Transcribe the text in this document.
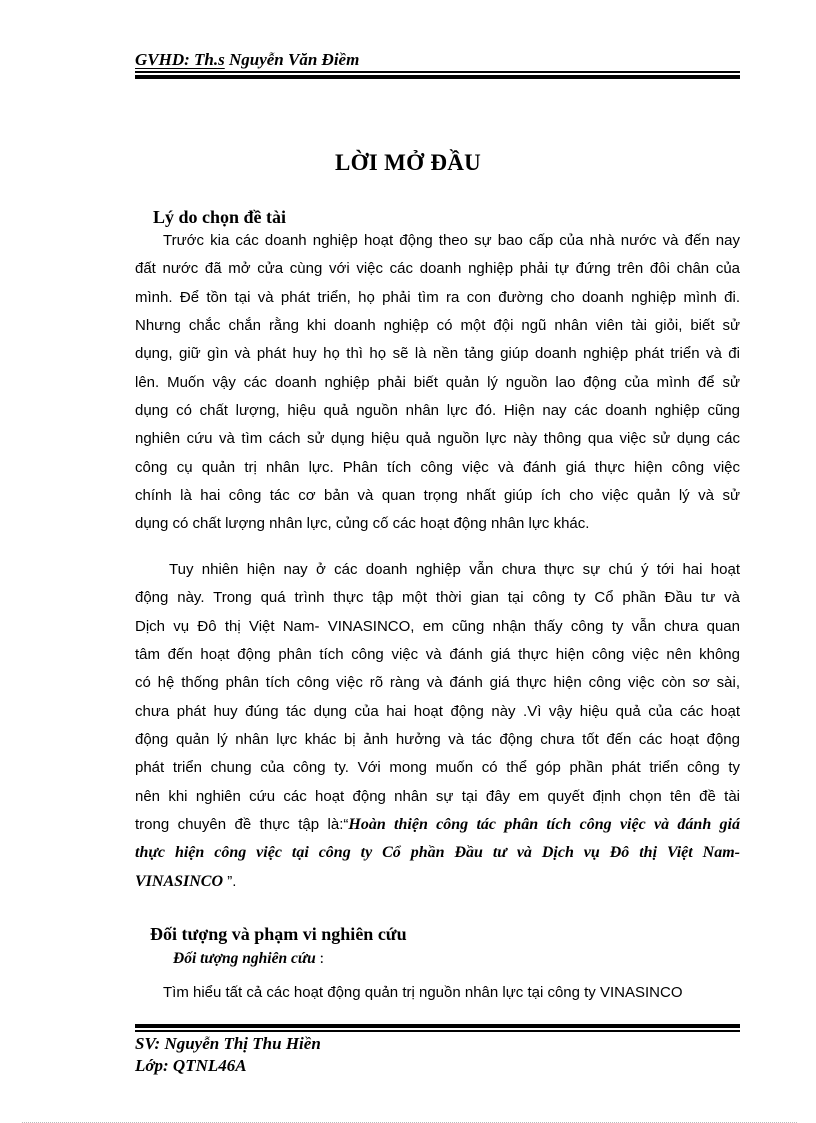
GVHD: Th.s Nguyễn Văn Điềm
LỜI MỞ ĐẦU
Lý do chọn đề tài
Trước kia các doanh nghiệp hoạt động theo sự bao cấp của nhà nước và đến nay
đất nước đã mở cửa cùng với việc các doanh nghiệp phải tự đứng trên đôi chân của
mình. Để tồn tại và phát triển, họ phải tìm ra con đường cho doanh nghiệp mình đi.
Nhưng chắc chắn rằng khi doanh nghiệp có một đội ngũ nhân viên tài giỏi, biết sử
dụng, giữ gìn và phát huy họ thì họ sẽ là nền tảng giúp doanh nghiệp phát triển và đi
lên. Muốn vậy các doanh nghiệp phải biết quản lý nguồn lao động của mình để sử
dụng có chất lượng, hiệu quả nguồn nhân lực đó. Hiện nay các doanh nghiệp cũng
nghiên cứu và tìm cách sử dụng hiệu quả nguồn lực này thông qua việc sử dụng các
công cụ quản trị nhân lực. Phân tích công việc và đánh giá thực hiện công việc
chính là hai công tác cơ bản và quan trọng nhất giúp ích cho việc quản lý và sử
dụng có chất lượng nhân lực, củng cố các hoạt động nhân lực khác.
Tuy nhiên hiện nay ở các doanh nghiệp vẫn chưa thực sự chú ý tới hai hoạt
động này. Trong quá trình thực tập một thời gian tại công ty Cổ phần Đầu tư và
Dịch vụ Đô thị Việt Nam- VINASINCO, em cũng nhận thấy công ty vẫn chưa quan
tâm đến hoạt động phân tích công việc và đánh giá thực hiện công việc nên không
có hệ thống phân tích công việc rõ ràng và đánh giá thực hiện công việc còn sơ sài,
chưa phát huy đúng tác dụng của hai hoạt động này .Vì vậy hiệu quả của các hoạt
động quản lý nhân lực khác bị ảnh hưởng và tác động chưa tốt đến các hoạt động
phát triển chung của công ty. Với mong muốn có thể góp phần phát triển công ty
nên khi nghiên cứu các hoạt động nhân sự tại đây em quyết định chọn tên đề tài
trong chuyên đề thực tập là:“Hoàn thiện công tác phân tích công việc và đánh giá
thực hiện công việc tại công ty Cổ phần Đầu tư và Dịch vụ Đô thị Việt Nam-
VINASINCO ”.
Đối tượng và phạm vi nghiên cứu
Đối tượng nghiên cứu :
Tìm hiểu tất cả các hoạt động quản trị nguồn nhân lực tại công ty VINASINCO
SV: Nguyễn Thị Thu Hiền
Lớp: QTNL46A
